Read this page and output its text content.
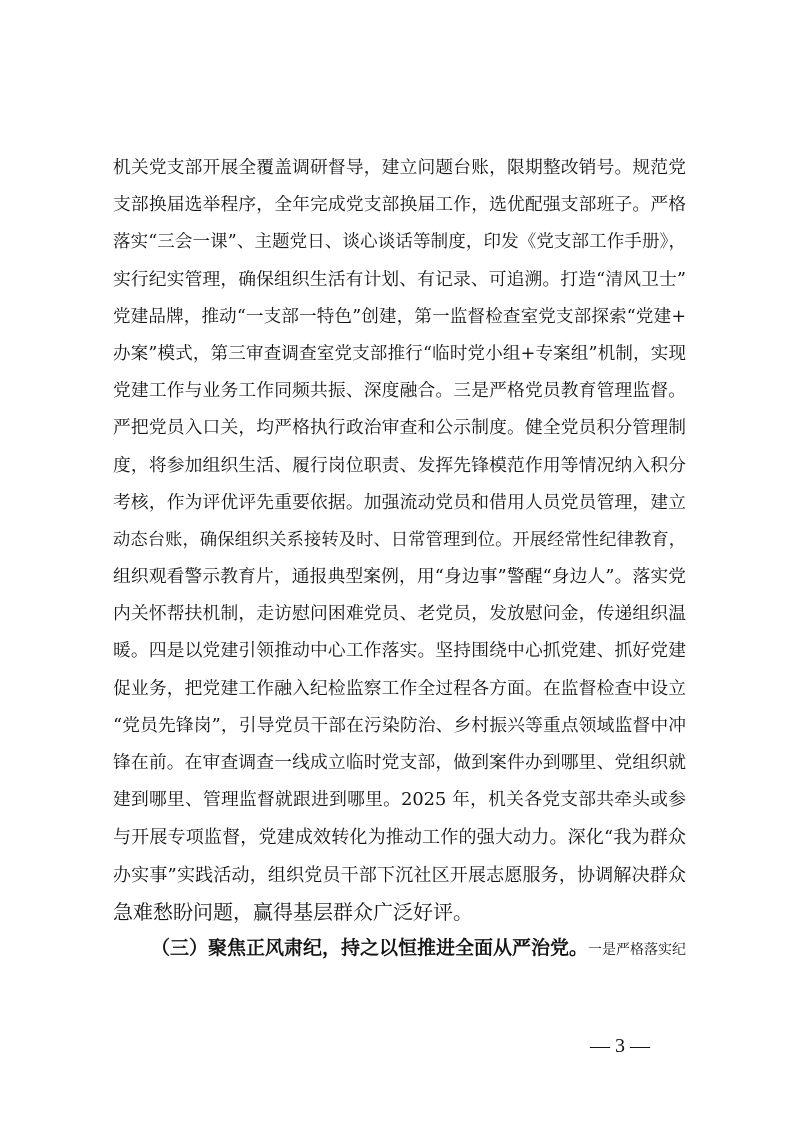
机关党支部开展全覆盖调研督导，建立问题台账，限期整改销号。规范党
支部换届选举程序，全年完成党支部换届工作，选优配强支部班子。严格
落实“三会一课”、主题党日、谈心谈话等制度，印发《党支部工作手册》，
实行纪实管理，确保组织生活有计划、有记录、可追溯。打造“清风卫士”
党建品牌，推动“一支部一特色”创建，第一监督检查室党支部探索“党建+
办案”模式，第三审查调查室党支部推行“临时党小组+专案组”机制，实现
党建工作与业务工作同频共振、深度融合。三是严格党员教育管理监督。
严把党员入口关，均严格执行政治审查和公示制度。健全党员积分管理制
度，将参加组织生活、履行岗位职责、发挥先锋模范作用等情况纳入积分
考核，作为评优评先重要依据。加强流动党员和借用人员党员管理，建立
动态台账，确保组织关系接转及时、日常管理到位。开展经常性纪律教育，
组织观看警示教育片，通报典型案例，用“身边事”警醒“身边人”。落实党
内关怀帮扶机制，走访慰问困难党员、老党员，发放慰问金，传递组织温
暖。四是以党建引领推动中心工作落实。坚持围绕中心抓党建、抓好党建
促业务，把党建工作融入纪检监察工作全过程各方面。在监督检查中设立
“党员先锋岗”，引导党员干部在污染防治、乡村振兴等重点领域监督中冲
锋在前。在审查调查一线成立临时党支部，做到案件办到哪里、党组织就
建到哪里、管理监督就跟进到哪里。2025 年，机关各党支部共牵头或参
与开展专项监督，党建成效转化为推动工作的强大动力。深化“我为群众
办实事”实践活动，组织党员干部下沉社区开展志愿服务，协调解决群众
急难愁盼问题，赢得基层群众广泛好评。
（三）聚焦正风肃纪，持之以恒推进全面从严治党。一是严格落实纪
— 3 —
